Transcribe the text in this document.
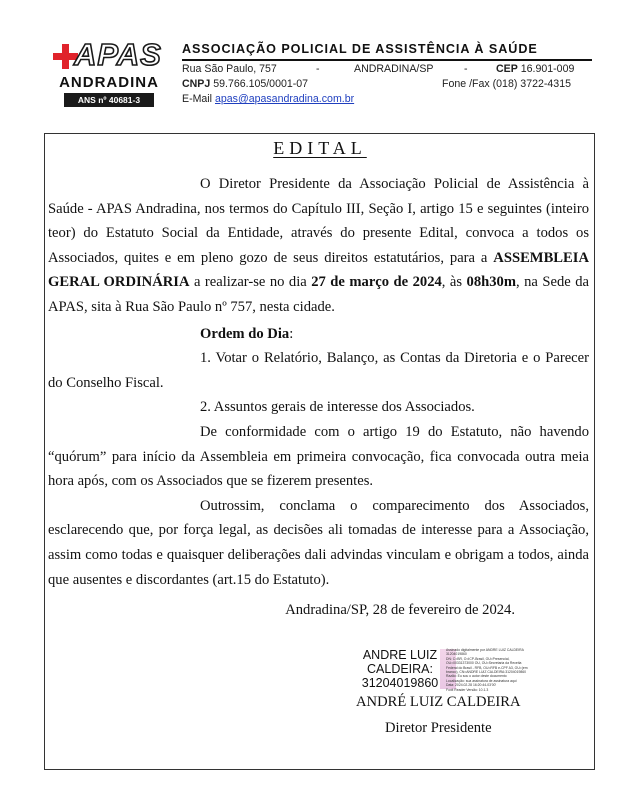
APAS
ANDRADINA
ANS nº 40681-3
ASSOCIAÇÃO POLICIAL DE ASSISTÊNCIA À SAÚDE
Rua São Paulo, 757	-	ANDRADINA/SP	-	CEP 16.901-009
CNPJ 59.766.105/0001-07	Fone /Fax (018) 3722-4315
E-Mail apas@apasandradina.com.br
EDITAL

O Diretor Presidente da Associação Policial de Assistência à Saúde - APAS Andradina, nos termos do Capítulo III, Seção I, artigo 15 e seguintes (inteiro teor) do Estatuto Social da Entidade, através do presente Edital, convoca a todos os Associados, quites e em pleno gozo de seus direitos estatutários, para a ASSEMBLEIA GERAL ORDINÁRIA a realizar-se no dia 27 de março de 2024, às 08h30m, na Sede da APAS, sita à Rua São Paulo nº 757, nesta cidade.

Ordem do Dia:

1. Votar o Relatório, Balanço, as Contas da Diretoria e o Parecer do Conselho Fiscal.

2. Assuntos gerais de interesse dos Associados.

De conformidade com o artigo 19 do Estatuto, não havendo “quórum” para início da Assembleia em primeira convocação, fica convocada outra meia hora após, com os Associados que se fizerem presentes.

Outrossim, conclama o comparecimento dos Associados, esclarecendo que, por força legal, as decisões ali tomadas de interesse para a Associação, assim como todas e quaisquer deliberações dali advindas vinculam e obrigam a todos, ainda que ausentes e discordantes (art.15 do Estatuto).

Andradina/SP, 28 de fevereiro de 2024.

ANDRE LUIZ
CALDEIRA:
31204019860
Assinado digitalmente por ANDRE LUIZ CALDEIRA
31204019860
DN: C=BR, O=ICP-Brasil, OU=Presencial,
OU=00331373000 OU, OU=Secretaria da Receita
Federal do Brasil - RFB, OU=RFB e-CPF A3, OU=(em
branco), CN=ANDRE LUIZ CALDEIRA:31204019860
Razão: Eu sou o autor deste documento
Localização: sua assinatura de assinatura aqui
Data: 2024.02.28 16:20:44-03'00'
Foxit Reader Versão: 10.1.3
ANDRÉ LUIZ CALDEIRA
Diretor Presidente
